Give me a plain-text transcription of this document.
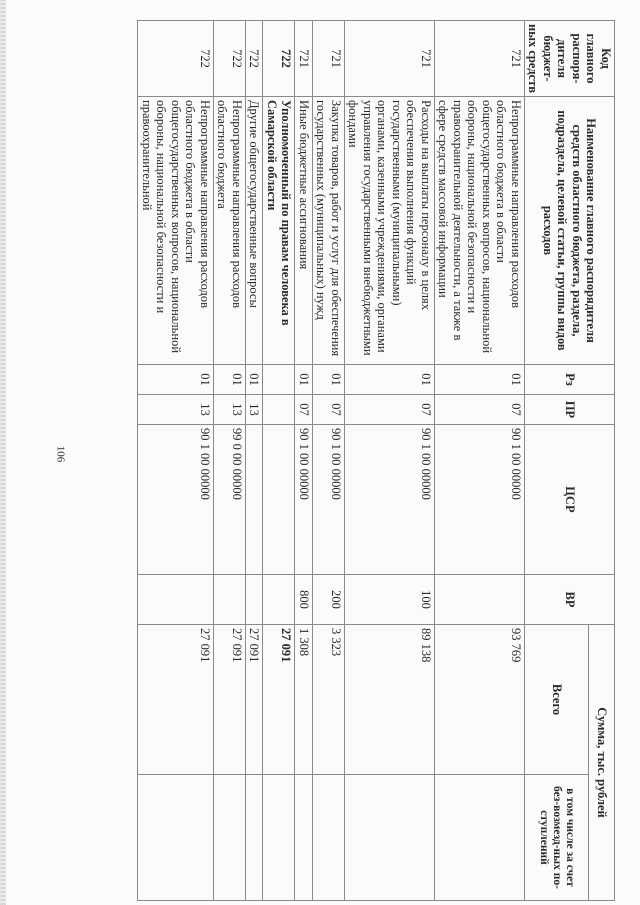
106
Код главного распоря-дителя бюджет-ных средств	Наименование главного распорядителя средств областного бюджета, раздела, подраздела, целевой статьи, группы видов расходов	Рз	ПР	ЦСР	ВР	Сумма, тыс. рублей	
						Всего	в том числе за счет без-возмезд-ных по-ступлений
721	Непрограммные направления расходов областного бюджета в области общегосударственных вопросов, национальной обороны, национальной безопасности и правоохранительной деятельности, а также в сфере средств массовой информации	01	07	90 1 00 00000		93 769	
721	Расходы на выплаты персоналу в целях обеспечения выполнения функций государственными (муниципальными) органами, казенными учреждениями, органами управления государственными внебюджетными фондами	01	07	90 1 00 00000	100	89 138	
721	Закупка товаров, работ и услуг для обеспечения государственных (муниципальных) нужд	01	07	90 1 00 00000	200	3 323	
721	Иные бюджетные ассигнования	01	07	90 1 00 00000	800	1 308	
722	Уполномоченный по правам человека в Самарской области					27 091	
722	Другие общегосударственные вопросы	01	13			27 091	
722	Непрограммные направления расходов областного бюджета	01	13	99 0 00 00000		27 091	
722	Непрограммные направления расходов областного бюджета в области общегосударственных вопросов, национальной обороны, национальной безопасности и правоохранительной	01	13	90 1 00 00000		27 091	
